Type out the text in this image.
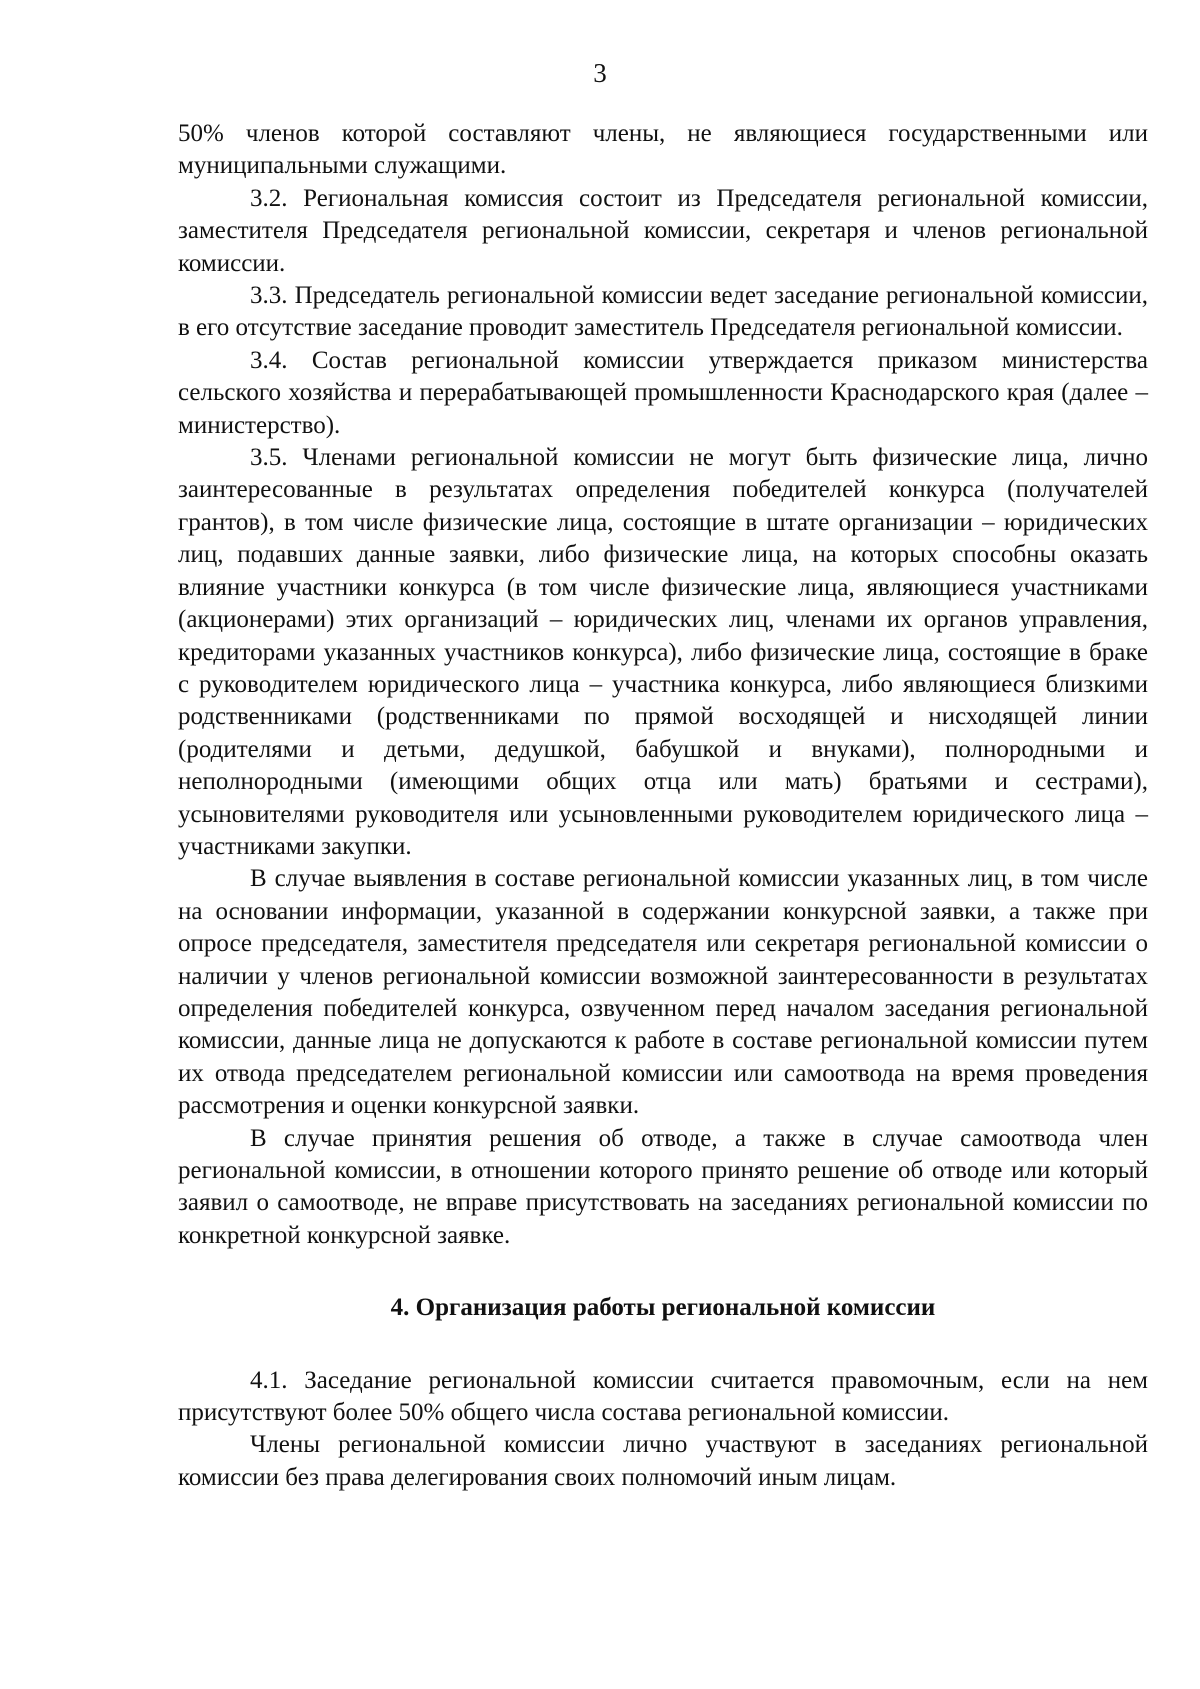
3

50% членов которой составляют члены, не являющиеся государственными или муниципальными служащими.

3.2. Региональная комиссия состоит из Председателя региональной комиссии, заместителя Председателя региональной комиссии, секретаря и членов региональной комиссии.

3.3. Председатель региональной комиссии ведет заседание региональной комиссии, в его отсутствие заседание проводит заместитель Председателя региональной комиссии.

3.4. Состав региональной комиссии утверждается приказом министерства сельского хозяйства и перерабатывающей промышленности Краснодарского края (далее – министерство).

3.5. Членами региональной комиссии не могут быть физические лица, лично заинтересованные в результатах определения победителей конкурса (получателей грантов), в том числе физические лица, состоящие в штате организации – юридических лиц, подавших данные заявки, либо физические лица, на которых способны оказать влияние участники конкурса (в том числе физические лица, являющиеся участниками (акционерами) этих организаций – юридических лиц, членами их органов управления, кредиторами указанных участников конкурса), либо физические лица, состоящие в браке с руководителем юридического лица – участника конкурса, либо являющиеся близкими родственниками (родственниками по прямой восходящей и нисходящей линии (родителями и детьми, дедушкой, бабушкой и внуками), полнородными и неполнородными (имеющими общих отца или мать) братьями и сестрами), усыновителями руководителя или усыновленными руководителем юридического лица – участниками закупки.

В случае выявления в составе региональной комиссии указанных лиц, в том числе на основании информации, указанной в содержании конкурсной заявки, а также при опросе председателя, заместителя председателя или секретаря региональной комиссии о наличии у членов региональной комиссии возможной заинтересованности в результатах определения победителей конкурса, озвученном перед началом заседания региональной комиссии, данные лица не допускаются к работе в составе региональной комиссии путем их отвода председателем региональной комиссии или самоотвода на время проведения рассмотрения и оценки конкурсной заявки.

В случае принятия решения об отводе, а также в случае самоотвода член региональной комиссии, в отношении которого принято решение об отводе или который заявил о самоотводе, не вправе присутствовать на заседаниях региональной комиссии по конкретной конкурсной заявке.

4. Организация работы региональной комиссии

4.1. Заседание региональной комиссии считается правомочным, если на нем присутствуют более 50% общего числа состава региональной комиссии.

Члены региональной комиссии лично участвуют в заседаниях региональной комиссии без права делегирования своих полномочий иным лицам.
